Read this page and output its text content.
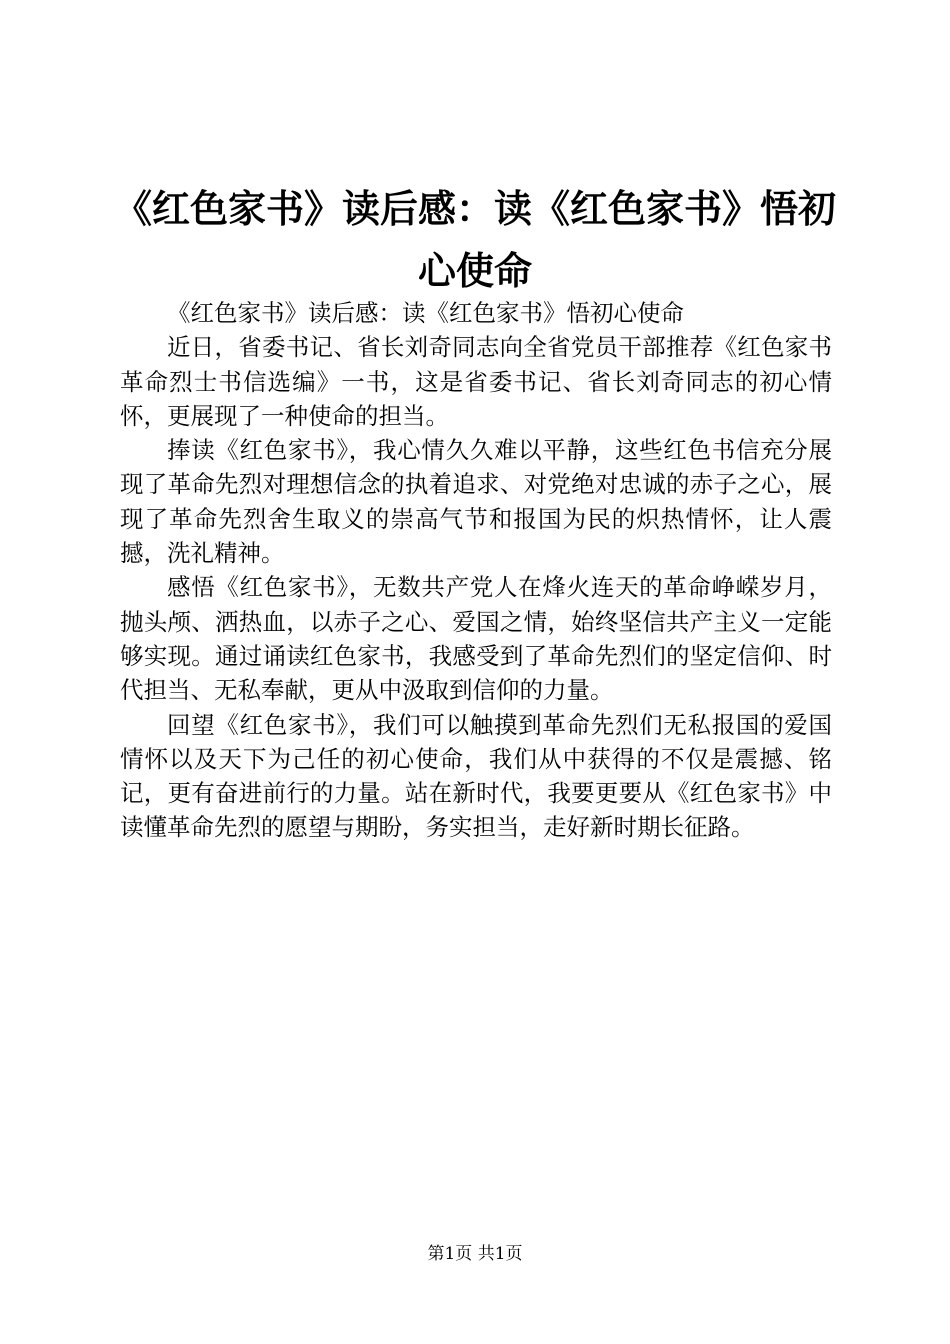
《红色家书》读后感：读《红色家书》悟初心使命

《红色家书》读后感：读《红色家书》悟初心使命

近日，省委书记、省长刘奇同志向全省党员干部推荐《红色家书革命烈士书信选编》一书，这是省委书记、省长刘奇同志的初心情怀，更展现了一种使命的担当。

捧读《红色家书》，我心情久久难以平静，这些红色书信充分展现了革命先烈对理想信念的执着追求、对党绝对忠诚的赤子之心，展现了革命先烈舍生取义的崇高气节和报国为民的炽热情怀，让人震撼，洗礼精神。

感悟《红色家书》，无数共产党人在烽火连天的革命峥嵘岁月，抛头颅、洒热血，以赤子之心、爱国之情，始终坚信共产主义一定能够实现。通过诵读红色家书，我感受到了革命先烈们的坚定信仰、时代担当、无私奉献，更从中汲取到信仰的力量。

回望《红色家书》，我们可以触摸到革命先烈们无私报国的爱国情怀以及天下为己任的初心使命，我们从中获得的不仅是震撼、铭记，更有奋进前行的力量。站在新时代，我要更要从《红色家书》中读懂革命先烈的愿望与期盼，务实担当，走好新时期长征路。

第1页 共1页
